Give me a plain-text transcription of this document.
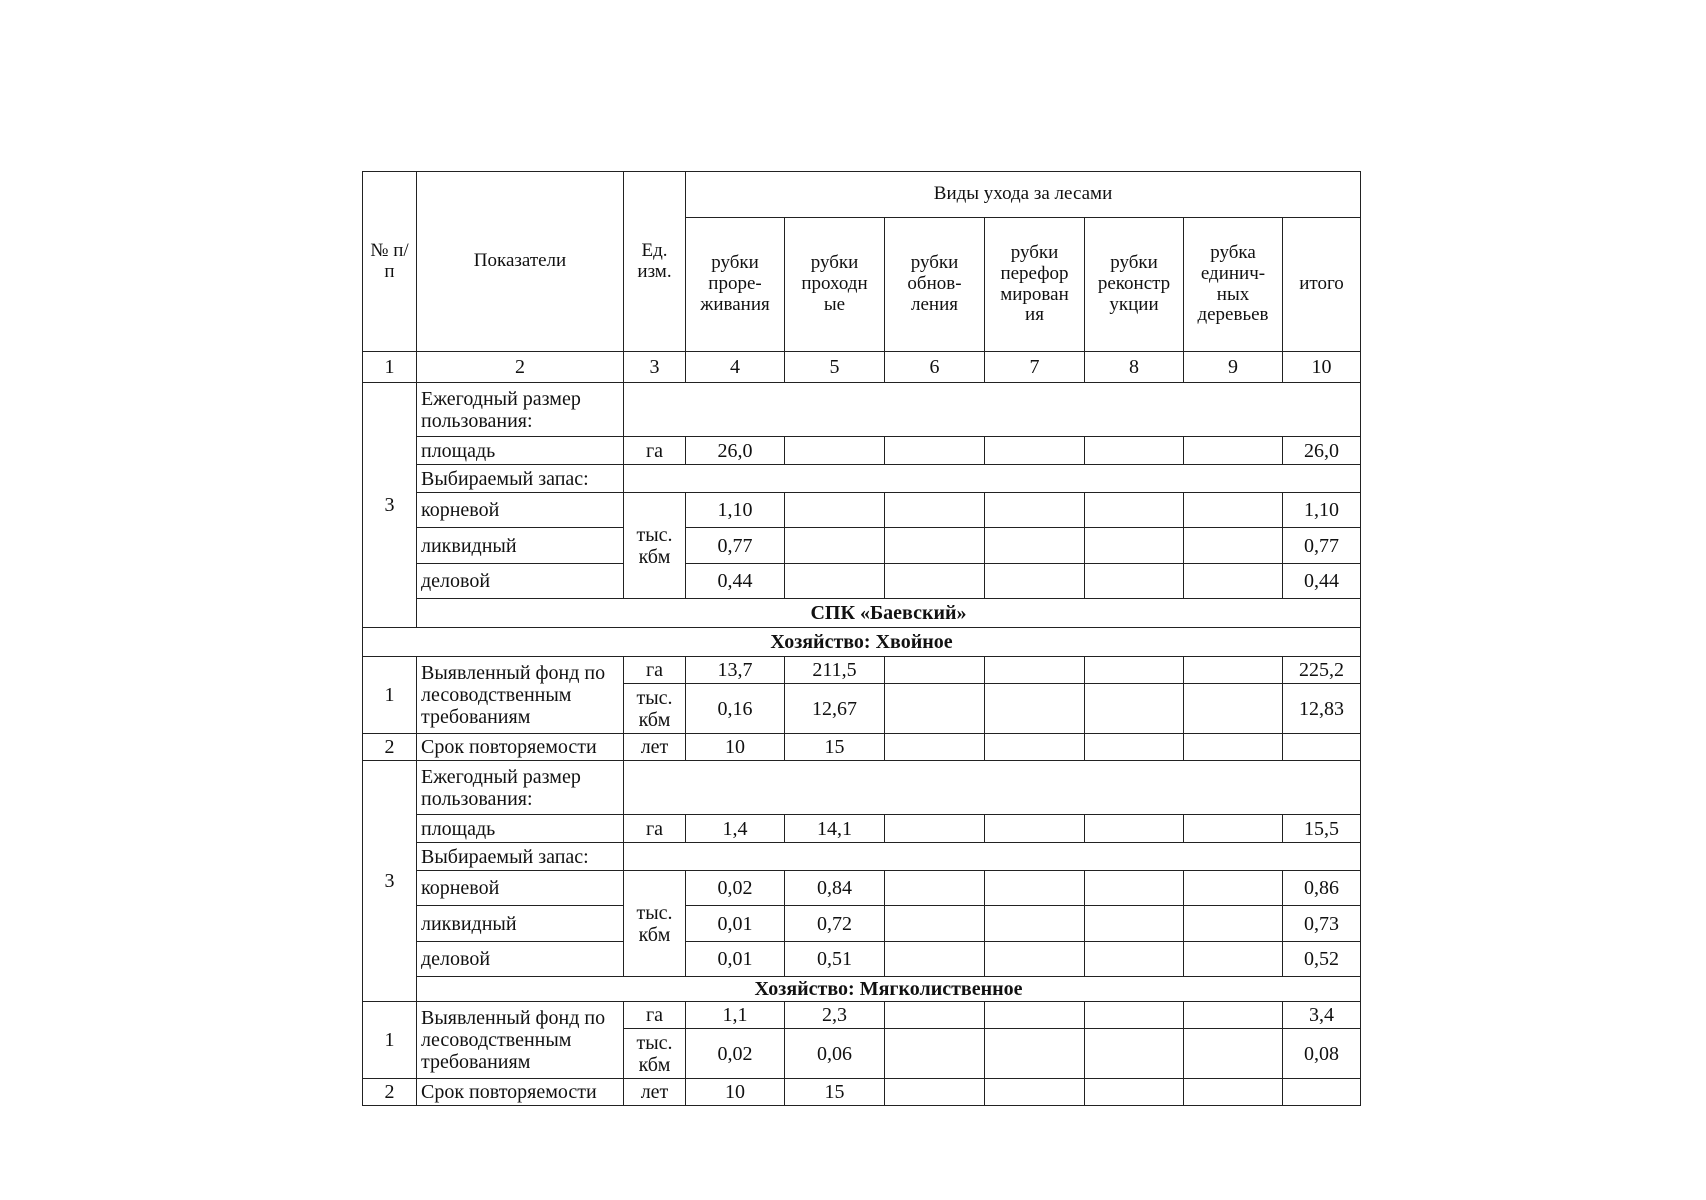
№ п/п	Показатели	Ед. изм.	Виды ухода за лесами						
			рубки проре-живания	рубки проходн ые	рубки обнов-ления	рубки перефор мирован ия	рубки реконстр укции	рубка единич-ных деревьев	итого
1	2	3	4	5	6	7	8	9	10
3	Ежегодный размер пользования:								
	площадь	га	26,0						26,0
	Выбираемый запас:								
	корневой	тыс. кбм	1,10						1,10
	ликвидный		0,77						0,77
	деловой		0,44						0,44
	СПК «Баевский»								
Хозяйство: Хвойное									
1	Выявленный фонд по лесоводственным требованиям	га	13,7	211,5					225,2
		тыс. кбм	0,16	12,67					12,83
2	Срок повторяемости	лет	10	15					
3	Ежегодный размер пользования:								
	площадь	га	1,4	14,1					15,5
	Выбираемый запас:								
	корневой	тыс. кбм	0,02	0,84					0,86
	ликвидный		0,01	0,72					0,73
	деловой		0,01	0,51					0,52
	Хозяйство: Мягколиственное								
1	Выявленный фонд по лесоводственным требованиям	га	1,1	2,3					3,4
		тыс. кбм	0,02	0,06					0,08
2	Срок повторяемости	лет	10	15					
